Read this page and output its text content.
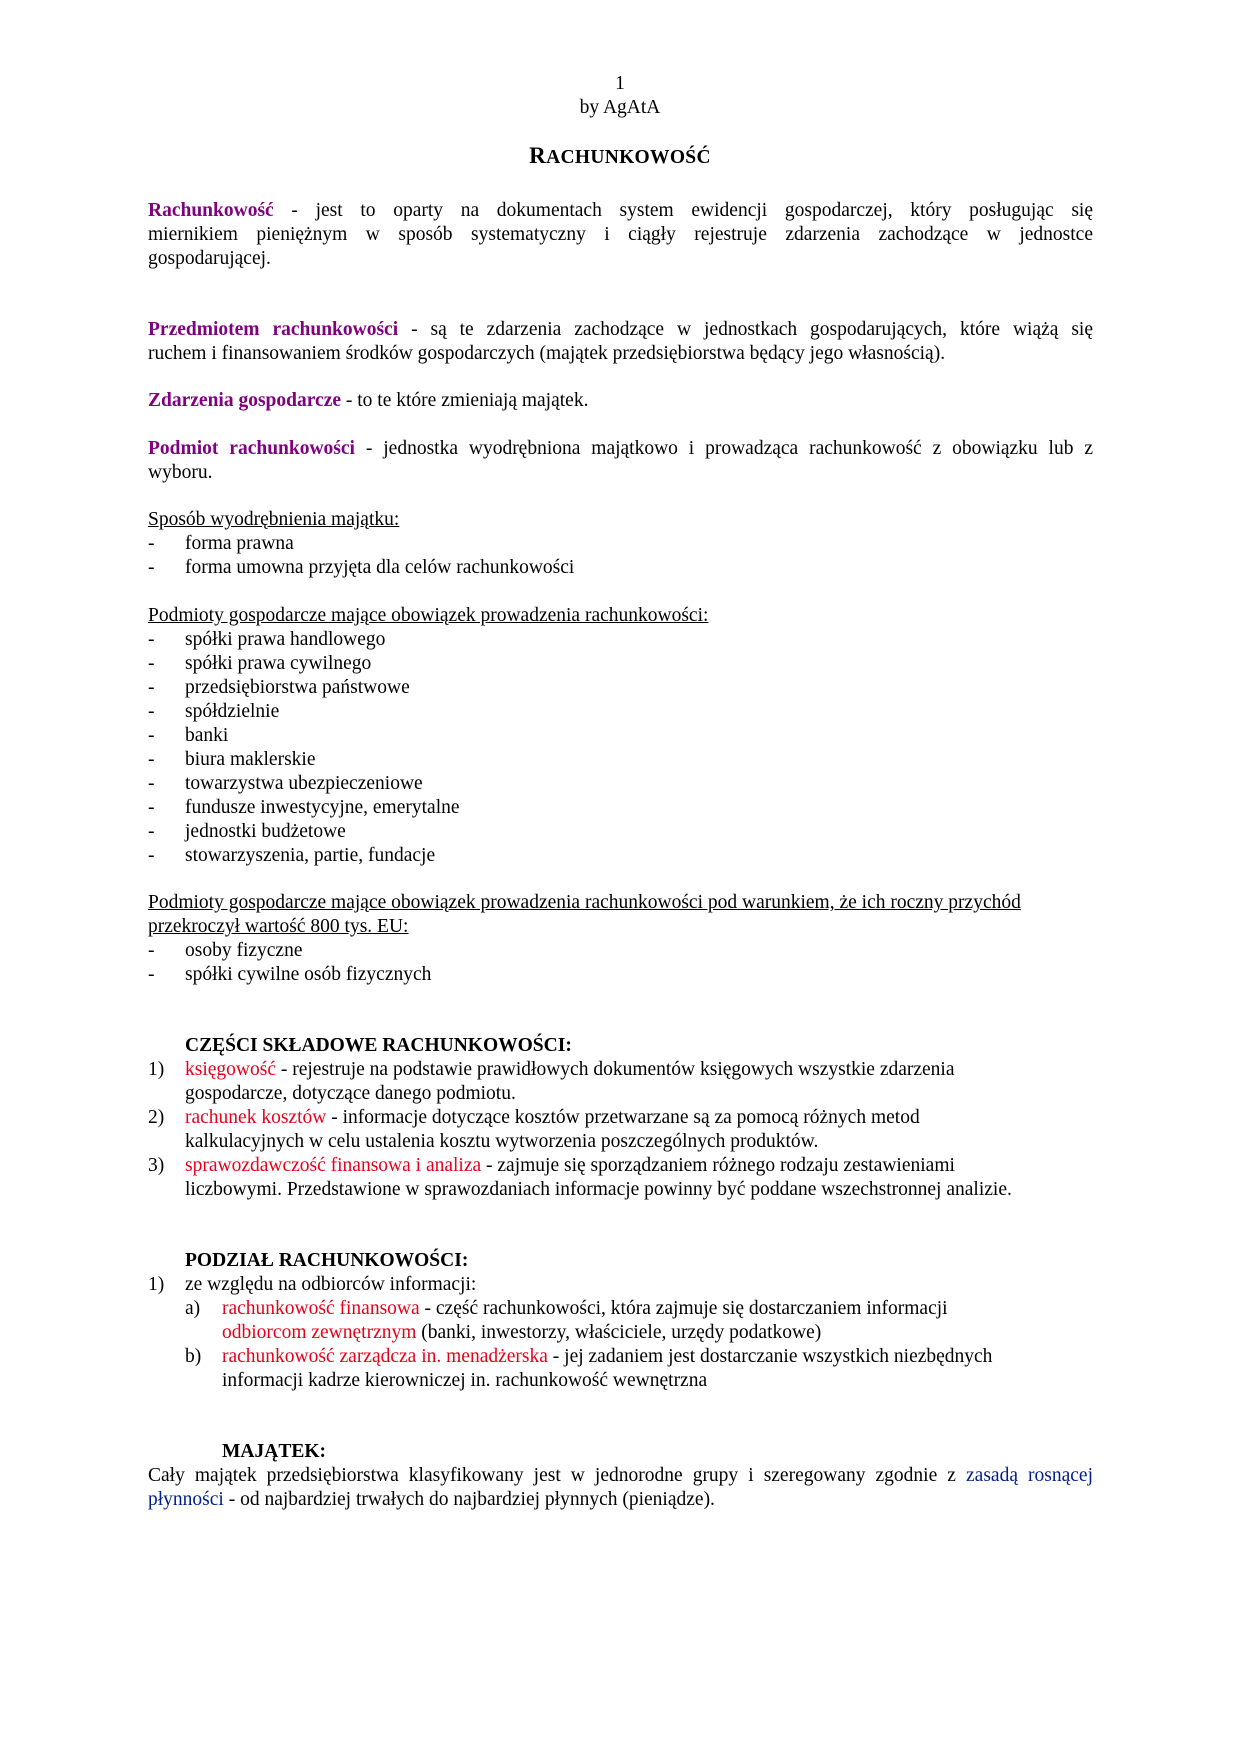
1
by AgAtA
RACHUNKOWOŚĆ
Rachunkowość - jest to oparty na dokumentach system ewidencji gospodarczej, który posługując się
miernikiem pieniężnym w sposób systematyczny i ciągły rejestruje zdarzenia zachodzące w jednostce
gospodarującej.
Przedmiotem rachunkowości - są te zdarzenia zachodzące w jednostkach gospodarujących, które wiążą się
ruchem i finansowaniem środków gospodarczych (majątek przedsiębiorstwa będący jego własnością).
Zdarzenia gospodarcze - to te które zmieniają majątek.
Podmiot rachunkowości - jednostka wyodrębniona majątkowo i prowadząca rachunkowość z obowiązku lub z
wyboru.
Sposób wyodrębnienia majątku:
- forma prawna
- forma umowna przyjęta dla celów rachunkowości
Podmioty gospodarcze mające obowiązek prowadzenia rachunkowości:
- spółki prawa handlowego
- spółki prawa cywilnego
- przedsiębiorstwa państwowe
- spółdzielnie
- banki
- biura maklerskie
- towarzystwa ubezpieczeniowe
- fundusze inwestycyjne, emerytalne
- jednostki budżetowe
- stowarzyszenia, partie, fundacje
Podmioty gospodarcze mające obowiązek prowadzenia rachunkowości pod warunkiem, że ich roczny przychód
przekroczył wartość 800 tys. EU:
- osoby fizyczne
- spółki cywilne osób fizycznych
CZĘŚCI SKŁADOWE RACHUNKOWOŚCI:
1) księgowość - rejestruje na podstawie prawidłowych dokumentów księgowych wszystkie zdarzenia
gospodarcze, dotyczące danego podmiotu.
2) rachunek kosztów - informacje dotyczące kosztów przetwarzane są za pomocą różnych metod
kalkulacyjnych w celu ustalenia kosztu wytworzenia poszczególnych produktów.
3) sprawozdawczość finansowa i analiza - zajmuje się sporządzaniem różnego rodzaju zestawieniami
liczbowymi. Przedstawione w sprawozdaniach informacje powinny być poddane wszechstronnej analizie.
PODZIAŁ RACHUNKOWOŚCI:
1) ze względu na odbiorców informacji:
a) rachunkowość finansowa - część rachunkowości, która zajmuje się dostarczaniem informacji
odbiorcom zewnętrznym (banki, inwestorzy, właściciele, urzędy podatkowe)
b) rachunkowość zarządcza in. menadżerska - jej zadaniem jest dostarczanie wszystkich niezbędnych
informacji kadrze kierowniczej in. rachunkowość wewnętrzna
MAJĄTEK:
Cały majątek przedsiębiorstwa klasyfikowany jest w jednorodne grupy i szeregowany zgodnie z zasadą rosnącej
płynności - od najbardziej trwałych do najbardziej płynnych (pieniądze).
